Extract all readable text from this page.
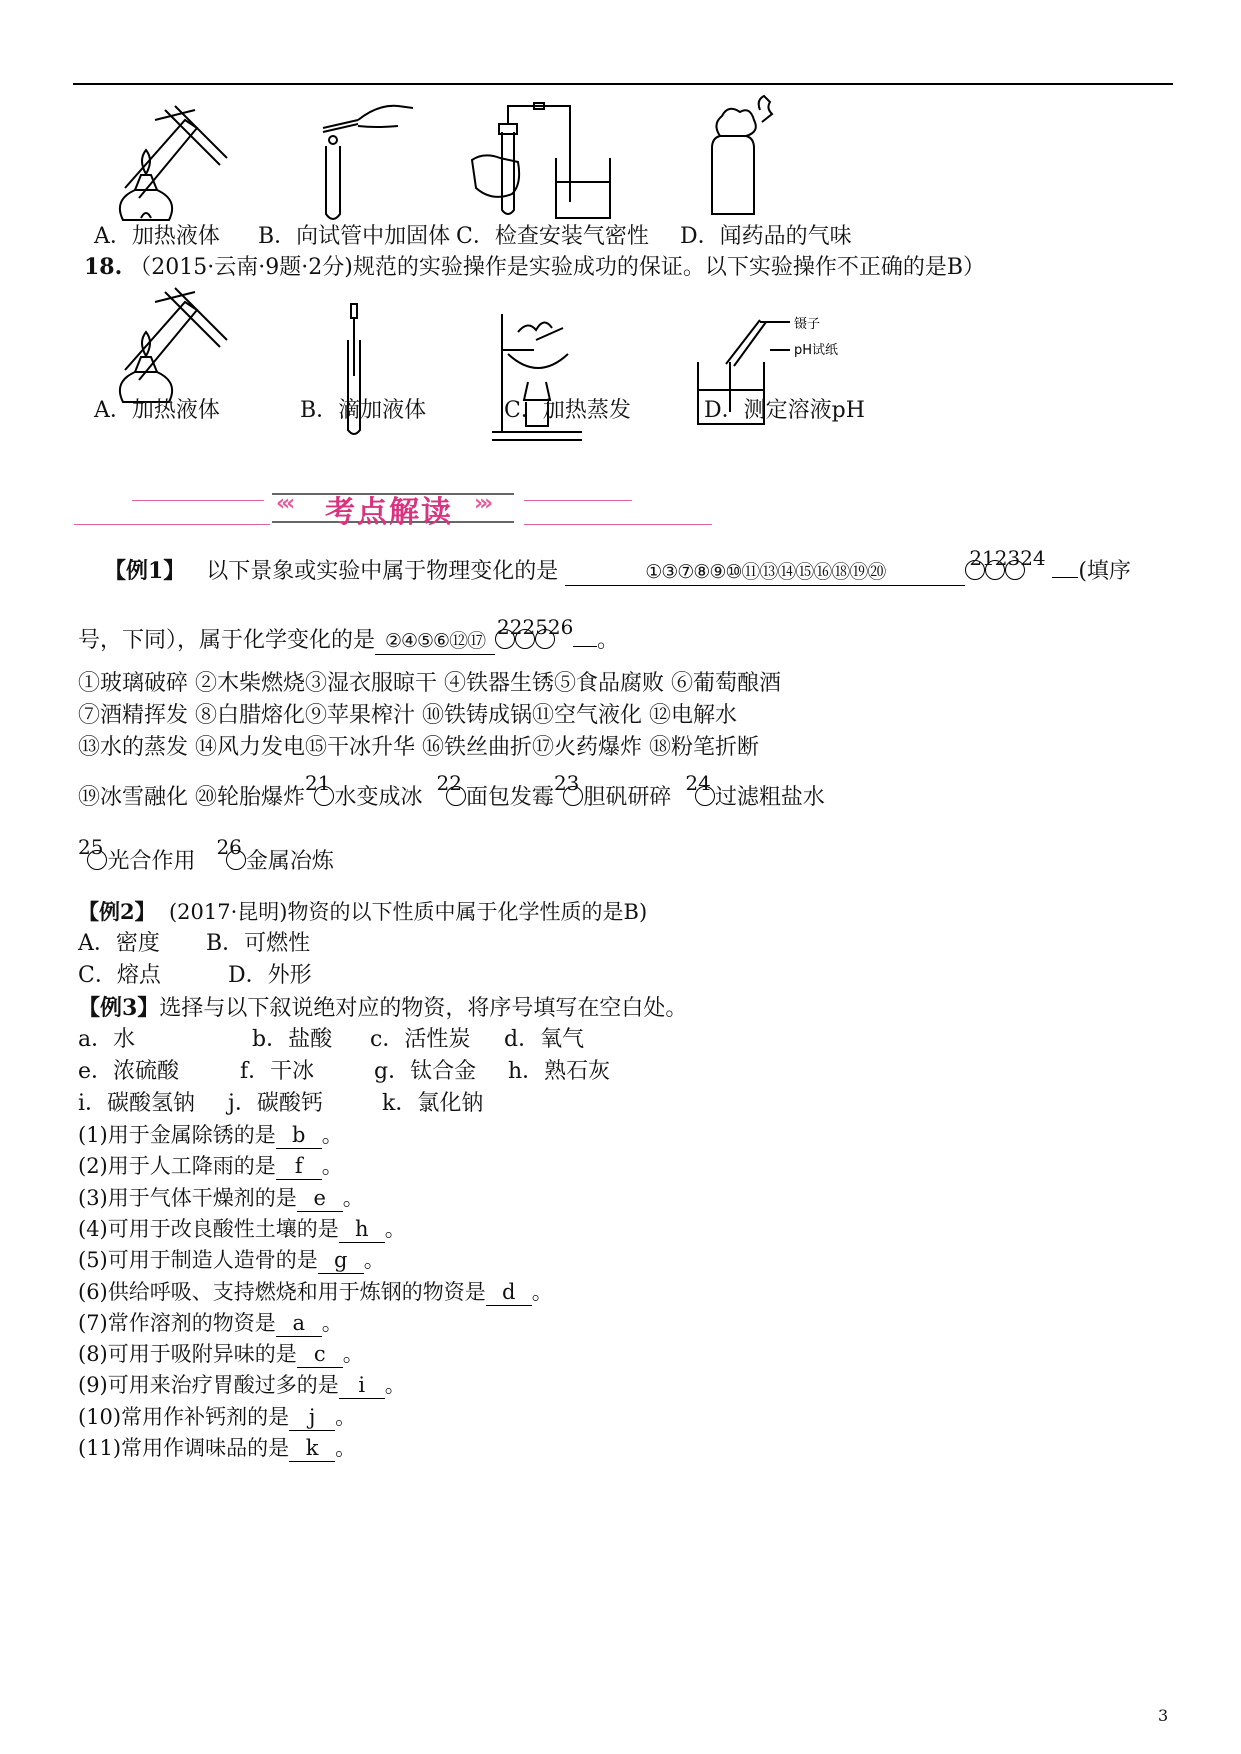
A．加热液体 B．向试管中加固体 C．检查安装气密性 D．闻药品的气味
18. （2015·云南·9题·2分)规范的实验操作是实验成功的保证。以下实验操作不正确的是B）
镊子
pH试纸
A．加热液体	B．滴加液体	C．加热蒸发	D．测定溶液pH
‹‹‹ 考点解读 ›››
【例1】 以下景象或实验中属于物理变化的是	①③⑦⑧⑨⑩⑪⑬⑭⑮⑯⑱⑲⑳
212324
(填序
号，下同），属于化学变化的是 ②④⑤⑥⑫⑰
222526
。
①玻璃破碎 ②木柴燃烧③湿衣服晾干 ④铁器生锈⑤食品腐败 ⑥葡萄酿酒
⑦酒精挥发 ⑧白腊熔化⑨苹果榨汁 ⑩铁铸成锅⑪空气液化 ⑫电解水
⑬水的蒸发 ⑭风力发电⑮干冰升华 ⑯铁丝曲折⑰火药爆炸 ⑱粉笔折断
⑲冰雪融化 ⑳轮胎爆炸21水变成冰  22面包发霉23胆矾研碎  24过滤粗盐水
25光合作用   26金属冶炼
【例2】 (2017·昆明)物资的以下性质中属于化学性质的是B)
A．密度 B．可燃性
C．熔点	D．外形
【例3】选择与以下叙说绝对应的物资，将序号填写在空白处。
a．水	b．盐酸 c．活性炭 d．氧气
e．浓硫酸	f．干冰	g．钛合金 h．熟石灰
i．碳酸氢钠 j．碳酸钙	k．氯化钠
(1)用于金属除锈的是 b 。
(2)用于人工降雨的是 f 。
(3)用于气体干燥剂的是 e 。
(4)可用于改良酸性土壤的是 h 。
(5)可用于制造人造骨的是 g 。
(6)供给呼吸、支持燃烧和用于炼钢的物资是 d 。
(7)常作溶剂的物资是 a 。
(8)可用于吸附异味的是 c 。
(9)可用来治疗胃酸过多的是 i 。
(10)常用作补钙剂的是 j 。
(11)常用作调味品的是 k 。
3
